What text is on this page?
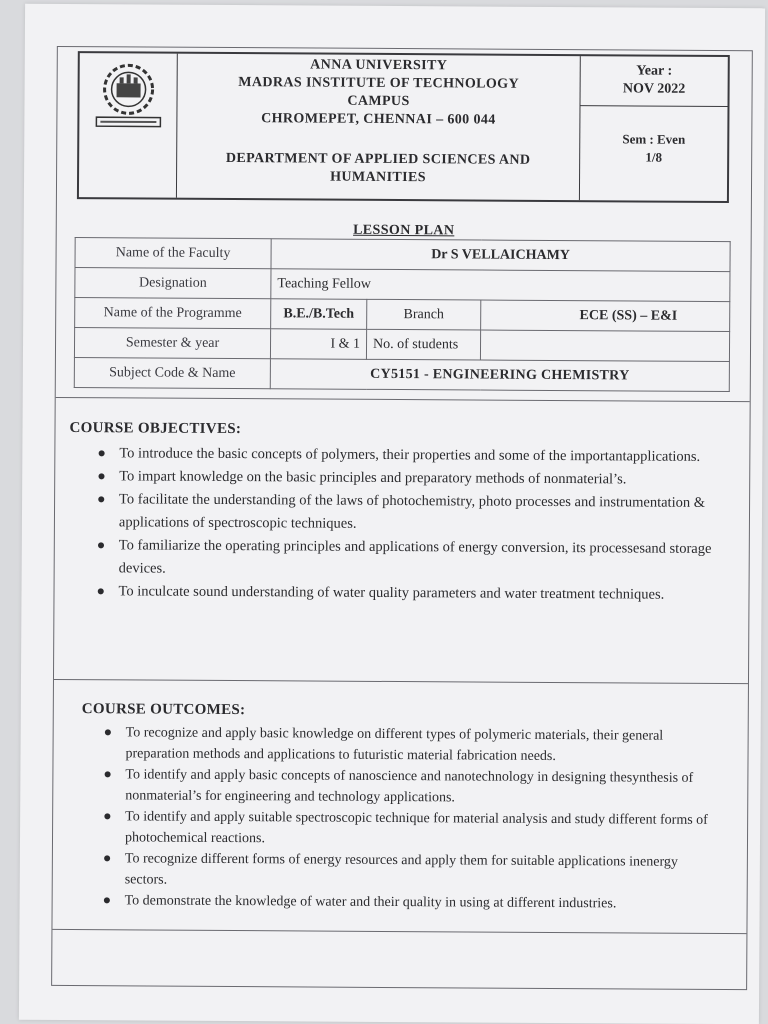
ANNA UNIVERSITY
MADRAS INSTITUTE OF TECHNOLOGY
CAMPUS
CHROMEPET, CHENNAI – 600 044
DEPARTMENT OF APPLIED SCIENCES AND
HUMANITIES
Year :
NOV 2022
Sem : Even
1/8
LESSON PLAN
Name of the Faculty	Dr S VELLAICHAMY		
Designation	Teaching Fellow		
Name of the Programme	B.E./B.Tech	Branch	ECE (SS) – E&I
Semester & year	I & 1	No. of students	
Subject Code & Name	CY5151 - ENGINEERING CHEMISTRY		
COURSE OBJECTIVES:
● To introduce the basic concepts of polymers, their properties and some of the importantapplications.
● To impart knowledge on the basic principles and preparatory methods of nonmaterial’s.
● To facilitate the understanding of the laws of photochemistry, photo processes and instrumentation & applications of spectroscopic techniques.
● To familiarize the operating principles and applications of energy conversion, its processesand storage devices.
● To inculcate sound understanding of water quality parameters and water treatment techniques.
COURSE OUTCOMES:
● To recognize and apply basic knowledge on different types of polymeric materials, their general preparation methods and applications to futuristic material fabrication needs.
● To identify and apply basic concepts of nanoscience and nanotechnology in designing thesynthesis of nonmaterial’s for engineering and technology applications.
● To identify and apply suitable spectroscopic technique for material analysis and study different forms of photochemical reactions.
● To recognize different forms of energy resources and apply them for suitable applications inenergy sectors.
● To demonstrate the knowledge of water and their quality in using at different industries.
